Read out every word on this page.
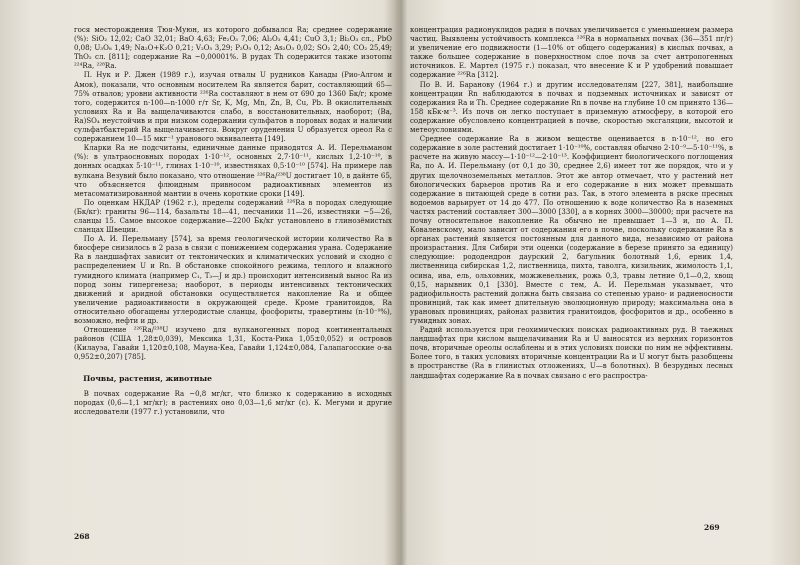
гося месторождения Тюя-Муюн, из которого добывался Ra; среднее содержание (%): SiO₂ 12,02; CaO 32,01; BaO 4,63; Fe₂O₃ 7,06; Al₂O₃ 4,41; CuO 3,1; Bi₂O₃ сл., PbO 0,08; U₃O₈ 1,49; Na₂O+K₂O 0,21; V₂O₅ 3,29; P₂O₅ 0,12; As₂O₃ 0,02; SO₂ 2,40; CO₂ 25,49; ThO₂ сл. [811]; содержание Ra ~0,00001%. В рудах Th содержится также изотопы ²²⁴Ra, ²²⁸Ra.

П. Нук и Р. Джен (1989 г.), изучая отвалы U рудников Канады (Рио-Алгом и Амок), показали, что основным носителем Ra является барит, составляющий 65—75% отвалов; уровни активности ²²⁶Ra составляют в нем от 690 до 1360 Бк/г; кроме того, содержится n·100—n·1000 г/т Sr, K, Mg, Mn, Zn, B, Cu, Pb. В окислительных условиях Ra и Ba выщелачиваются слабо, в восстановительных, наоборот; (Ba, Ra)SO₄ неустойчив и при низком содержании сульфатов в поровых водах и наличии сульфатбактерий Ra выщелачивается. Вокруг оруденения U образуется ореол Ra с содержанием 10—15 мкг⁻¹ уранового эквивалента [149].

Кларки Ra не подсчитаны, единичные данные приводятся А. И. Перельманом (%): в ультраосновных породах 1·10⁻¹², основных 2,7·10⁻¹¹, кислых 1,2·10⁻¹⁰, в донных осадках 5·10⁻¹¹, глинах 1·10⁻¹⁰, известняках 0,5·10⁻¹⁰ [574]. На примере лав вулкана Везувий было показано, что отношение ²²⁶Ra/²³⁸U достигает 10, в дайнте 65, что объясняется флюидным привносом радиоактивных элементов из метасоматизированной мантии в очень короткие сроки [149].

По оценкам НКДАР (1962 г.), пределы содержаний ²²⁶Ra в породах следующие (Бк/кг): граниты 96—114, базальты 18—41, песчаники 11—26, известняки ~5—26, сланцы 15. Самое высокое содержание—2200 Бк/кг установлено в глинозёмистых сланцах Швеции.

По А. И. Перельману [574], за время геологической истории количество Ra в биосфере снизилось в 2 раза в связи с понижением содержания урана. Содержание Ra в ландшафтах зависит от тектонических и климатических условий и сходно с распределением U и Rn. В обстановке спокойного режима, теплого и влажного гумидного климата (например C₁, T₃—J и др.) происходит интенсивный вынос Ra из пород зоны гипергенеза; наоборот, в периоды интенсивных тектонических движений и аридной обстановки осуществляется накопление Ra и общее увеличение радиоактивности в окружающей среде. Кроме гранитоидов, Ra относительно обогащены углеродистые сланцы, фосфориты, травертины (n·10⁻⁹%), возможно, нефти и др.

Отношение ²²⁶Ra/²³⁸U изучено для вулканогенных пород континентальных районов (США 1,28±0,039), Мексика 1,31, Коста-Рика 1,05±0,052) и островов (Килауэа, Гавайи 1,120±0,108, Мауна-Кеа, Гавайи 1,124±0,084, Галапагосские о-ва 0,952±0,207) [785].

Почвы, растения, животные

В почвах содержание Ra ~0,8 мг/кг, что близко к содержанию в исходных породах (0,6—1,1 мг/кг); в растениях оно 0,03—1,6 мг/кг (с). К. Мегуми и другие исследователи (1977 г.) установили, что

268

концентрация радионуклидов радия в почвах увеличивается с уменьшением размера частиц. Выявлены устойчивость комплекса ²²⁶Ra в нормальных почвах (36—351 пг/г) и увеличение его подвижности (1—10% от общего содержания) в кислых почвах, а также большее содержание в поверхностном слое почв за счет антропогенных источников. Е. Мартел (1975 г.) показал, что внесение K и P удобрений повышает содержание ²²⁶Ra [312].

По В. И. Баранову (1964 г.) и другим исследователям [227, 381], наибольшие концентрации Rn наблюдаются в почвах и подземных источниках и зависят от содержания Ra и Th. Среднее содержание Rn в почве на глубине 10 см принято 136—158 кБк·м⁻³. Из почв он легко поступает в приземную атмосферу, в которой его содержание обусловлено концентрацией в почве, скоростью эксгаляции, высотой и метеоусловиями.

Среднее содержание Ra в живом веществе оценивается в n·10⁻¹², но его содержание в золе растений достигает 1·10⁻¹⁰%, составляя обычно 2·10⁻⁹—5·10⁻¹¹%, в расчете на живую массу—1·10⁻¹²—2·10⁻¹³. Коэффициент биологического поглощения Ra, по А. И. Перельману (от 0,1 до 30, среднее 2,6) имеет тот же порядок, что и у других щелочноземельных металлов. Этот же автор отмечает, что у растений нет биологических барьеров против Ra и его содержание в них может превышать содержание в питающей среде в сотни раз. Так, в этого элемента в ряске пресных водоемов варьирует от 14 до 477. По отношению к воде количество Ra в наземных частях растений составляет 300—3000 [330], а в корнях 3000—30000; при расчете на почву относительное накопление Ra обычно не превышает 1—3 и, по А. П. Ковалевскому, мало зависит от содержания его в почве, поскольку содержание Ra в органах растений является постоянным для данного вида, независимо от района произрастания. Для Сибири эти оценки (содержание в березе принято за единицу) следующие: рододендрон даурский 2, багульник болотный 1,6, ерник 1,4, лиственница сибирская 1,2, лиственница, пихта, таволга, кизильник, жимолость 1,1, осина, ива, ель, ольховник, можжевельник, рожь 0,3, травы летние 0,1—0,2, хвощ 0,15, нарывник 0,1 [330]. Вместе с тем, А. И. Перельман указывает, что радиофильность растений должна быть связана со степенью урано- и радиеносности провинций, так как имеет длительную эволюционную природу; максимальна она в урановых провинциях, районах развития гранитоидов, фосфоритов и др., особенно в гумидных зонах.

Радий используется при геохимических поисках радиоактивных руд. В таежных ландшафтах при кислом выщелачивании Ra и U выносятся из верхних горизонтов почв, вторичные ореолы ослаблены и в этих условиях поиски по ним не эффективны. Более того, в таких условиях вторичные концентрации Ra и U могут быть разобщены в пространстве (Ra в глинистых отложениях, U—в болотных). В безрудных лесных ландшафтах содержание Ra в почвах связано с его распростра-

269
